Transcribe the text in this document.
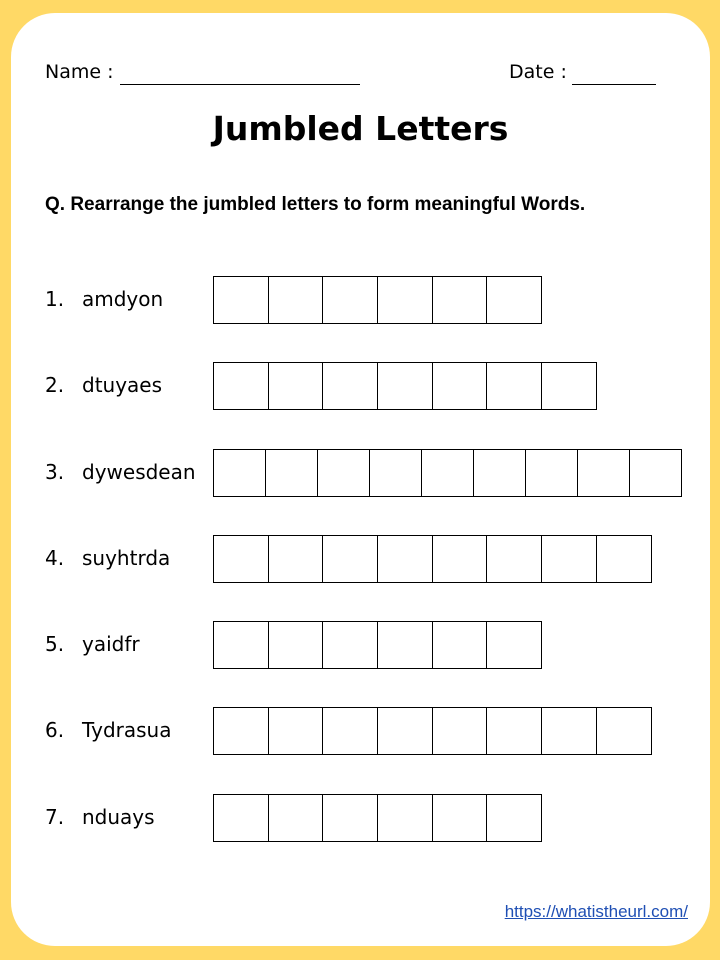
Name :	Date :
Jumbled Letters
Q. Rearrange the jumbled letters to form meaningful Words.
1. amdyon
2. dtuyaes
3. dywesdean
4. suyhtrda
5. yaidfr
6. Tydrasua
7. nduays
https://whatistheurl.com/
